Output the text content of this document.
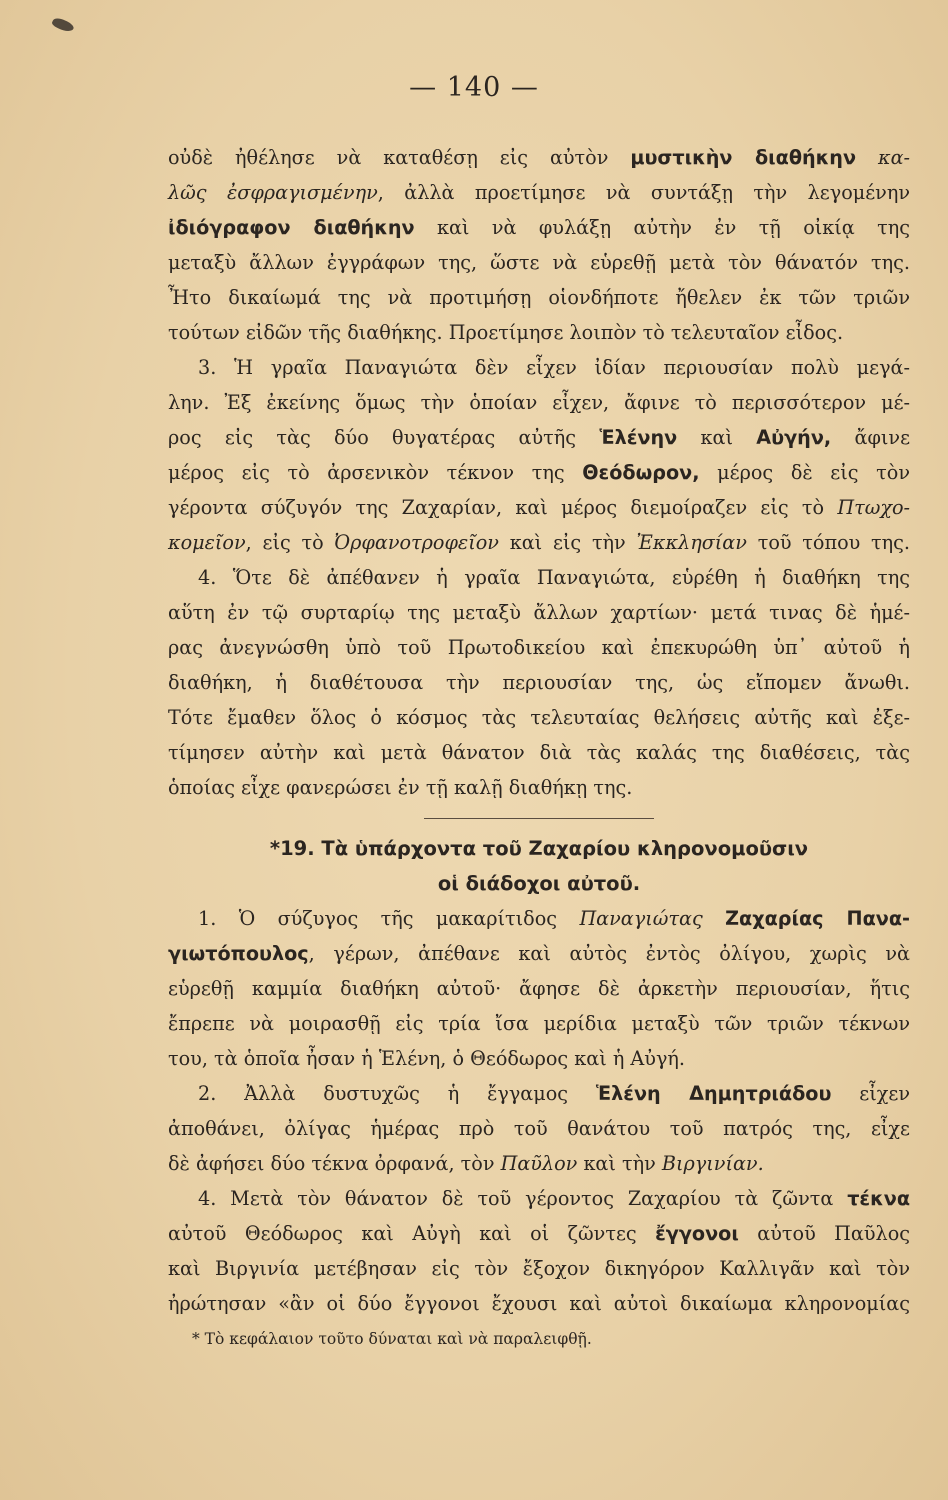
— 140 —
οὐδὲ ἠθέλησε νὰ καταθέσῃ εἰς αὐτὸν μυστικὴν διαθήκην κα-
λῶς ἐσφραγισμένην, ἀλλὰ προετίμησε νὰ συντάξῃ τὴν λεγομένην
ἰδιόγραφον διαθήκην καὶ νὰ φυλάξῃ αὐτὴν ἐν τῇ οἰκίᾳ της
μεταξὺ ἄλλων ἐγγράφων της, ὥστε νὰ εὑρεθῇ μετὰ τὸν θάνατόν της.
Ἦτο δικαίωμά της νὰ προτιμήσῃ οἱονδήποτε ἤθελεν ἐκ τῶν τριῶν
τούτων εἰδῶν τῆς διαθήκης. Προετίμησε λοιπὸν τὸ τελευταῖον εἶδος.
3. Ἡ γραῖα Παναγιώτα δὲν εἶχεν ἰδίαν περιουσίαν πολὺ μεγά-
λην. Ἐξ ἐκείνης ὅμως τὴν ὁποίαν εἶχεν, ἄφινε τὸ περισσότερον μέ-
ρος εἰς τὰς δύο θυγατέρας αὐτῆς Ἑλένην καὶ Αὐγήν, ἄφινε
μέρος εἰς τὸ ἀρσενικὸν τέκνον της Θεόδωρον, μέρος δὲ εἰς τὸν
γέροντα σύζυγόν της Ζαχαρίαν, καὶ μέρος διεμοίραζεν εἰς τὸ Πτωχο-
κομεῖον, εἰς τὸ Ὀρφανοτροφεῖον καὶ εἰς τὴν Ἐκκλησίαν τοῦ τόπου της.
4. Ὅτε δὲ ἀπέθανεν ἡ γραῖα Παναγιώτα, εὑρέθη ἡ διαθήκη της
αὕτη ἐν τῷ συρταρίῳ της μεταξὺ ἄλλων χαρτίων· μετά τινας δὲ ἡμέ-
ρας ἀνεγνώσθη ὑπὸ τοῦ Πρωτοδικείου καὶ ἐπεκυρώθη ὑπ᾽ αὐτοῦ ἡ
διαθήκη, ἡ διαθέτουσα τὴν περιουσίαν της, ὡς εἴπομεν ἄνωθι.
Τότε ἔμαθεν ὅλος ὁ κόσμος τὰς τελευταίας θελήσεις αὐτῆς καὶ ἐξε-
τίμησεν αὐτὴν καὶ μετὰ θάνατον διὰ τὰς καλάς της διαθέσεις, τὰς
ὁποίας εἶχε φανερώσει ἐν τῇ καλῇ διαθήκῃ της.
*19. Τὰ ὑπάρχοντα τοῦ Ζαχαρίου κληρονομοῦσιν
οἱ διάδοχοι αὐτοῦ.
1. Ὁ σύζυγος τῆς μακαρίτιδος Παναγιώτας Ζαχαρίας Πανα-
γιωτόπουλος, γέρων, ἀπέθανε καὶ αὐτὸς ἐντὸς ὀλίγου, χωρὶς νὰ
εὑρεθῇ καμμία διαθήκη αὐτοῦ· ἄφησε δὲ ἀρκετὴν περιουσίαν, ἥτις
ἔπρεπε νὰ μοιρασθῇ εἰς τρία ἴσα μερίδια μεταξὺ τῶν τριῶν τέκνων
του, τὰ ὁποῖα ἦσαν ἡ Ἑλένη, ὁ Θεόδωρος καὶ ἡ Αὐγή.
2. Ἀλλὰ δυστυχῶς ἡ ἔγγαμος Ἑλένη Δημητριάδου εἶχεν
ἀποθάνει, ὀλίγας ἡμέρας πρὸ τοῦ θανάτου τοῦ πατρός της, εἶχε
δὲ ἀφήσει δύο τέκνα ὀρφανά, τὸν Παῦλον καὶ τὴν Βιργινίαν.
4. Μετὰ τὸν θάνατον δὲ τοῦ γέροντος Ζαχαρίου τὰ ζῶντα τέκνα
αὐτοῦ Θεόδωρος καὶ Αὐγὴ καὶ οἱ ζῶντες ἔγγονοι αὐτοῦ Παῦλος
καὶ Βιργινία μετέβησαν εἰς τὸν ἔξοχον δικηγόρον Καλλιγᾶν καὶ τὸν
ἠρώτησαν «ἂν οἱ δύο ἔγγονοι ἔχουσι καὶ αὐτοὶ δικαίωμα κληρονομίας
* Τὸ κεφάλαιον τοῦτο δύναται καὶ νὰ παραλειφθῇ.
